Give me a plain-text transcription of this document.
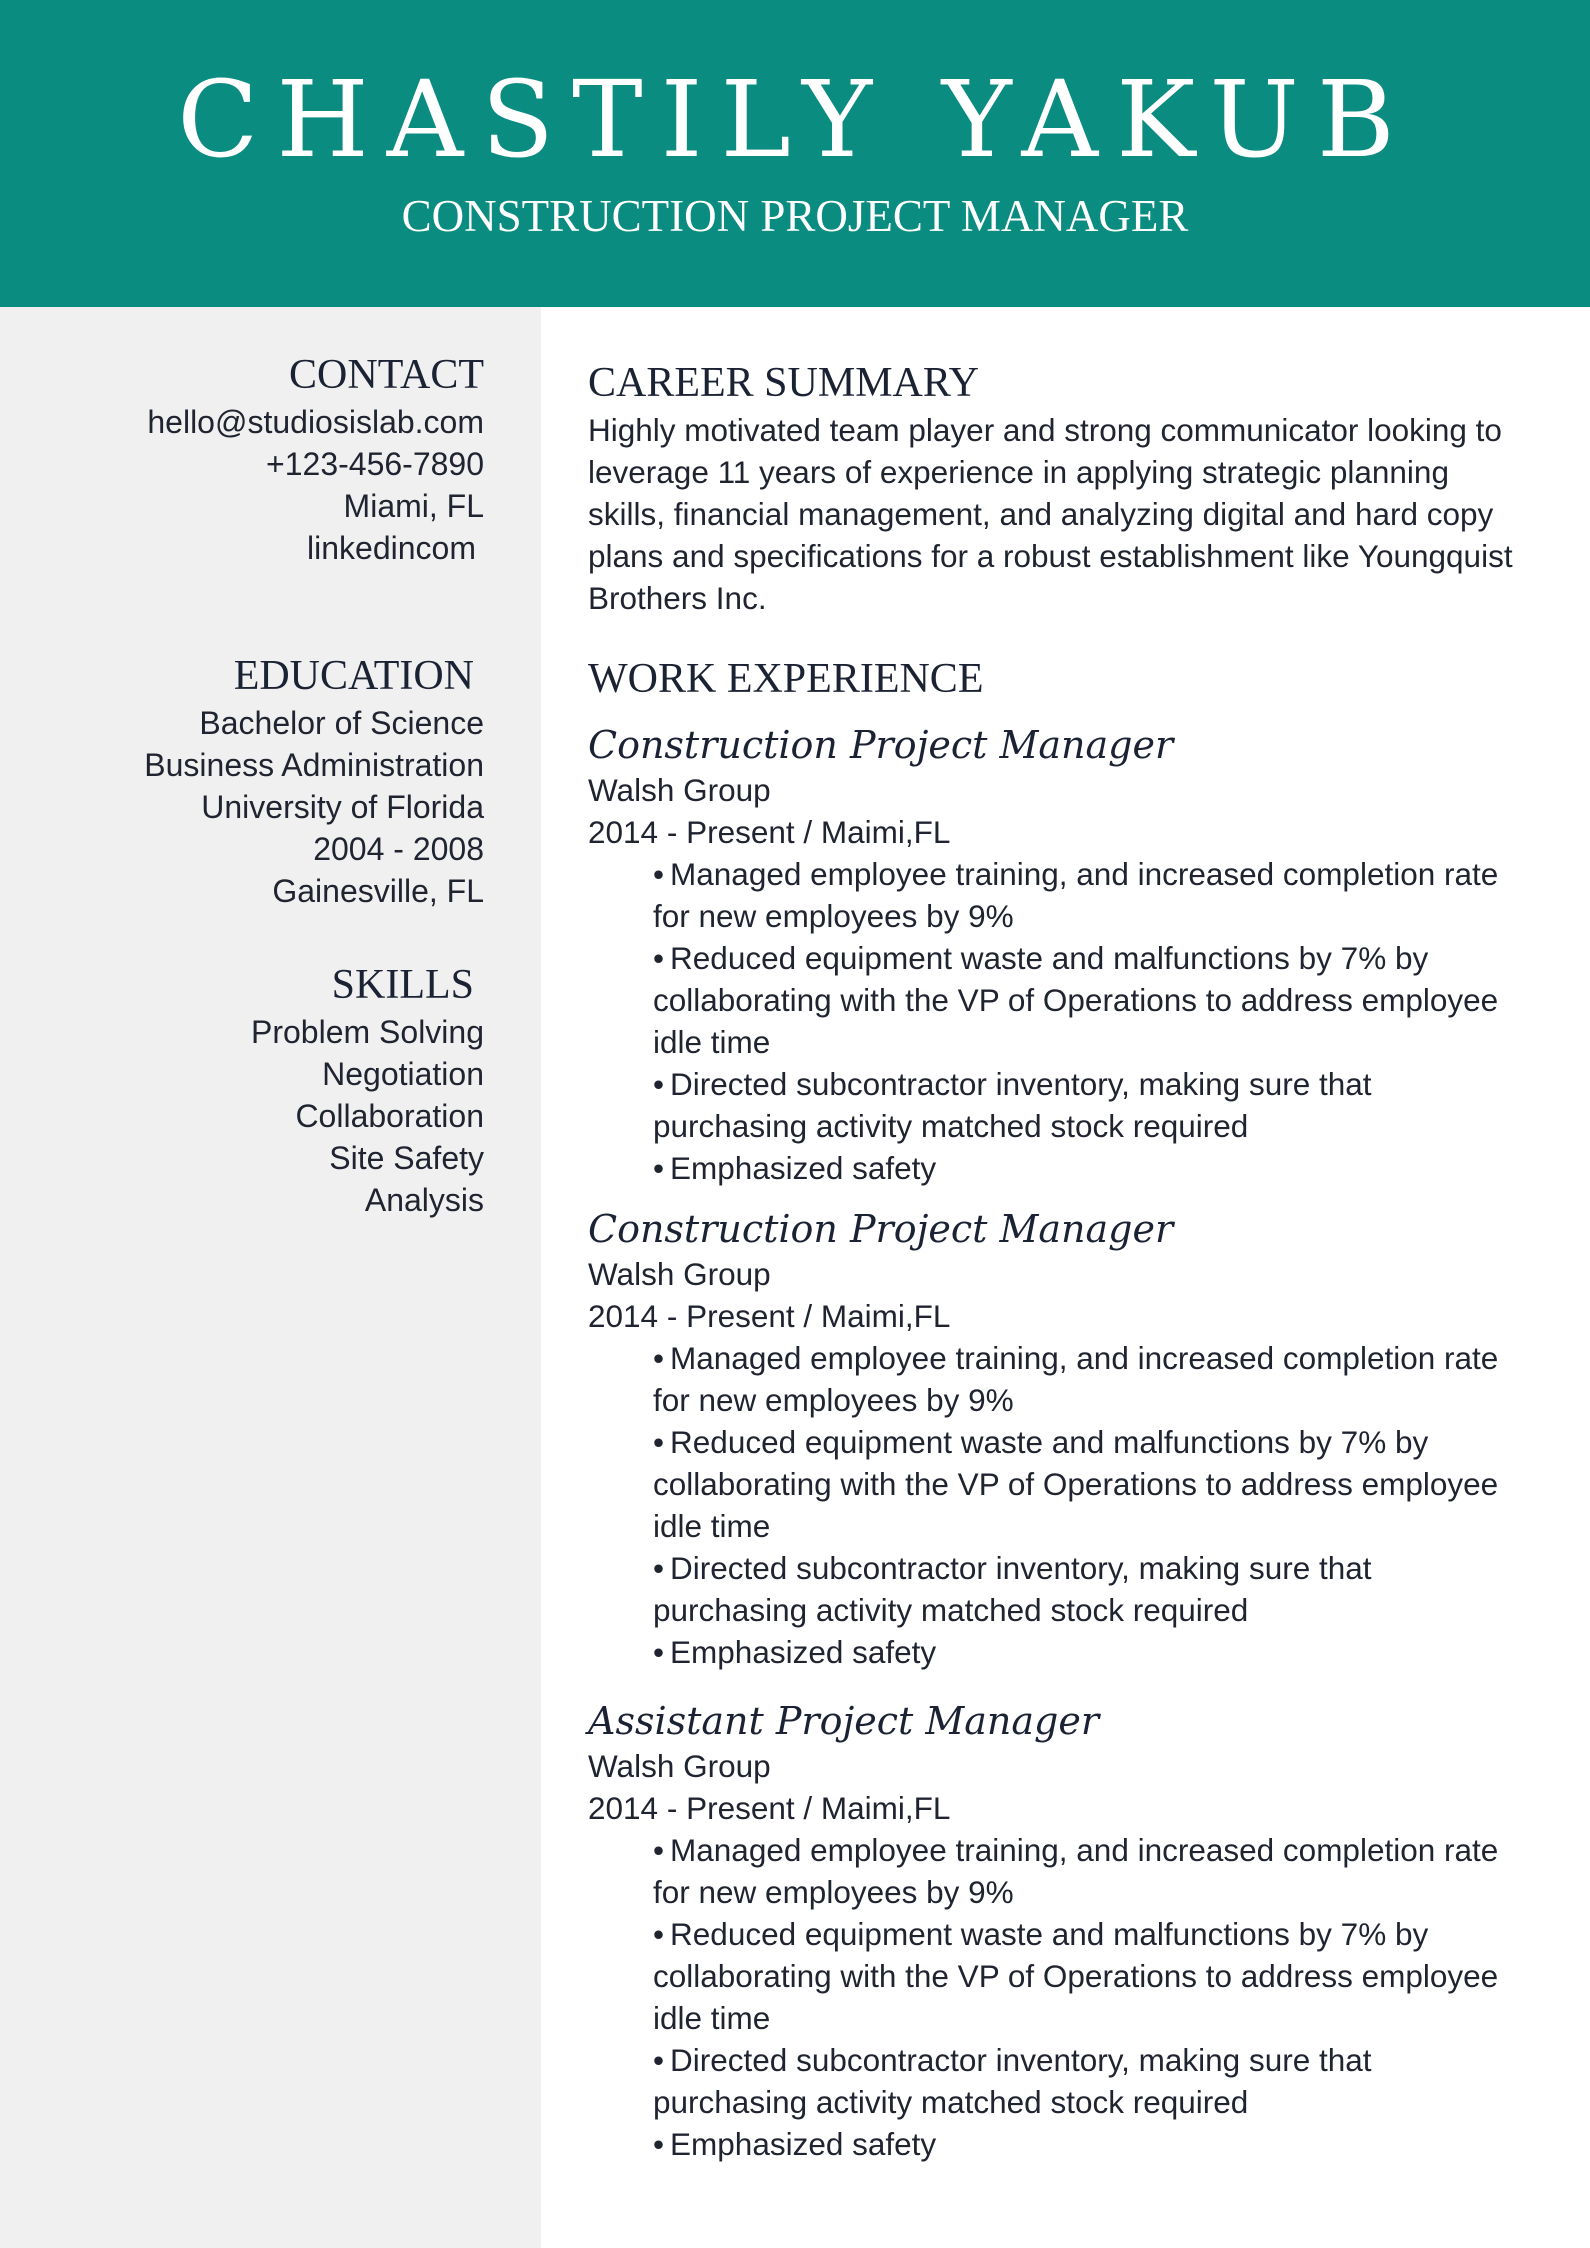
CHASTILY YAKUB
CONSTRUCTION PROJECT MANAGER
CONTACT
hello@studiosislab.com
+123-456-7890
Miami, FL
linkedincom
EDUCATION
Bachelor of Science
Business Administration
University of Florida
2004 - 2008
Gainesville, FL
SKILLS
Problem Solving
Negotiation
Collaboration
Site Safety
Analysis
CAREER SUMMARY
Highly motivated team player and strong communicator looking to leverage 11 years of experience in applying strategic planning skills, financial management, and analyzing digital and hard copy plans and specifications for a robust establishment like Youngquist Brothers Inc.
WORK EXPERIENCE
Construction Project Manager
Walsh Group
2014 - Present / Maimi,FL
• Managed employee training, and increased completion rate for new employees by 9%
• Reduced equipment waste and malfunctions by 7% by collaborating with the VP of Operations to address employee idle time
• Directed subcontractor inventory, making sure that purchasing activity matched stock required
• Emphasized safety
Construction Project Manager
Walsh Group
2014 - Present / Maimi,FL
• Managed employee training, and increased completion rate for new employees by 9%
• Reduced equipment waste and malfunctions by 7% by collaborating with the VP of Operations to address employee idle time
• Directed subcontractor inventory, making sure that purchasing activity matched stock required
• Emphasized safety
Assistant Project Manager
Walsh Group
2014 - Present / Maimi,FL
• Managed employee training, and increased completion rate for new employees by 9%
• Reduced equipment waste and malfunctions by 7% by collaborating with the VP of Operations to address employee idle time
• Directed subcontractor inventory, making sure that purchasing activity matched stock required
• Emphasized safety
